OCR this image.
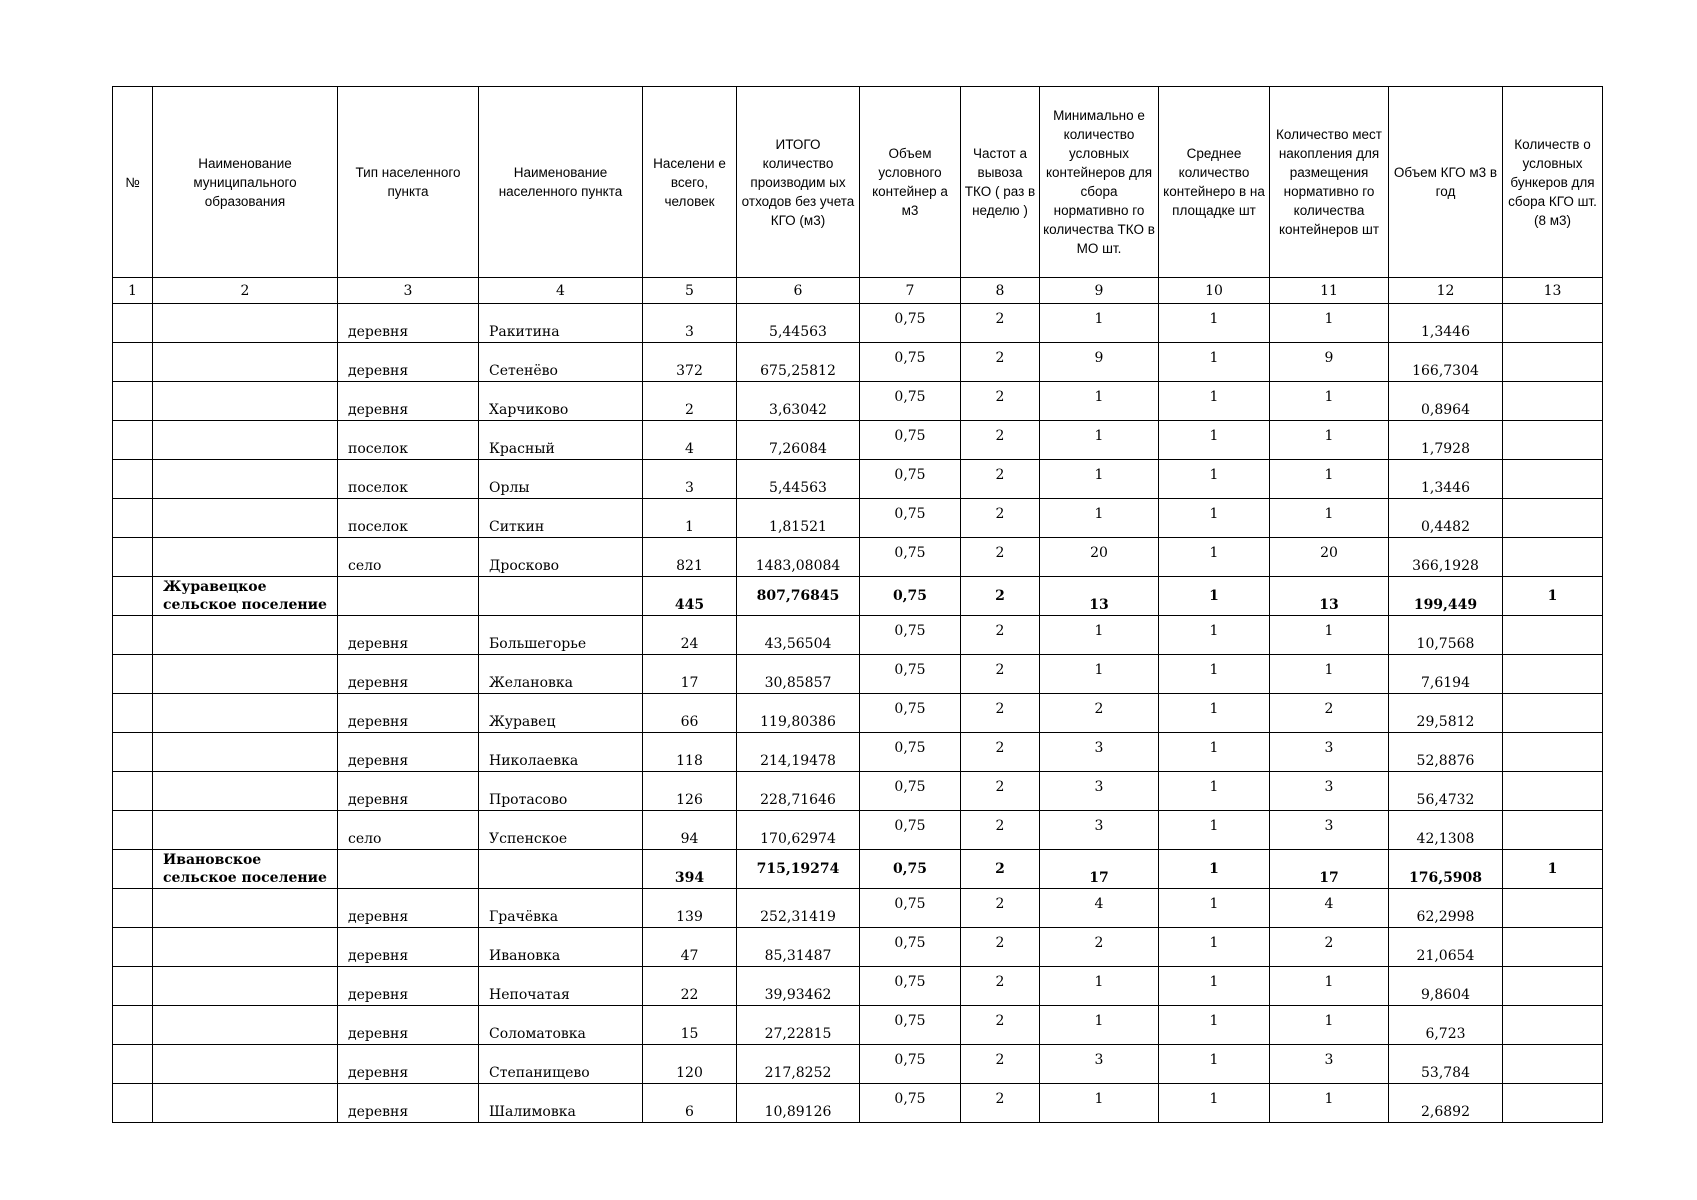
№	Наименование муниципального образования	Тип населенного пункта	Наименование населенного пункта	Населени е всего, человек	ИТОГО количество производим ых отходов без учета КГО (м3)	Объем условного контейнер а м3	Частот а вывоза ТКО ( раз в неделю )	Минимально е количество условных контейнеров для сбора нормативно го количества ТКО в МО шт.	Среднее количество контейнеро в на площадке шт	Количество мест накопления для размещения нормативно го количества контейнеров шт	Объем КГО м3 в год	Количеств о условных бункеров для сбора КГО шт. (8 м3)
1	2	3	4	5	6	7	8	9	10	11	12	13
		деревня	Ракитина	3	5,44563	0,75	2	1	1	1	1,3446	
		деревня	Сетенёво	372	675,25812	0,75	2	9	1	9	166,7304	
		деревня	Харчиково	2	3,63042	0,75	2	1	1	1	0,8964	
		поселок	Красный	4	7,26084	0,75	2	1	1	1	1,7928	
		поселок	Орлы	3	5,44563	0,75	2	1	1	1	1,3446	
		поселок	Ситкин	1	1,81521	0,75	2	1	1	1	0,4482	
		село	Дросково	821	1483,08084	0,75	2	20	1	20	366,1928	
	Журавецкое сельское поселение			445	807,76845	0,75	2	13	1	13	199,449	1
		деревня	Большегорье	24	43,56504	0,75	2	1	1	1	10,7568	
		деревня	Желановка	17	30,85857	0,75	2	1	1	1	7,6194	
		деревня	Журавец	66	119,80386	0,75	2	2	1	2	29,5812	
		деревня	Николаевка	118	214,19478	0,75	2	3	1	3	52,8876	
		деревня	Протасово	126	228,71646	0,75	2	3	1	3	56,4732	
		село	Успенское	94	170,62974	0,75	2	3	1	3	42,1308	
	Ивановское сельское поселение			394	715,19274	0,75	2	17	1	17	176,5908	1
		деревня	Грачёвка	139	252,31419	0,75	2	4	1	4	62,2998	
		деревня	Ивановка	47	85,31487	0,75	2	2	1	2	21,0654	
		деревня	Непочатая	22	39,93462	0,75	2	1	1	1	9,8604	
		деревня	Соломатовка	15	27,22815	0,75	2	1	1	1	6,723	
		деревня	Степанищево	120	217,8252	0,75	2	3	1	3	53,784	
		деревня	Шалимовка	6	10,89126	0,75	2	1	1	1	2,6892	
